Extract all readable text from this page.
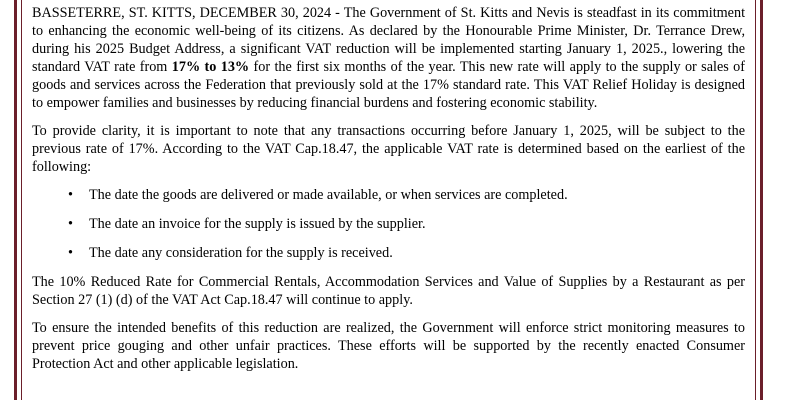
BASSETERRE, ST. KITTS, DECEMBER 30, 2024 - The Government of St. Kitts and Nevis is steadfast in its commitment to enhancing the economic well-being of its citizens. As declared by the Honourable Prime Minister, Dr. Terrance Drew, during his 2025 Budget Address, a significant VAT reduction will be implemented starting January 1, 2025., lowering the standard VAT rate from 17% to 13% for the first six months of the year. This new rate will apply to the supply or sales of goods and services across the Federation that previously sold at the 17% standard rate. This VAT Relief Holiday is designed to empower families and businesses by reducing financial burdens and fostering economic stability.

To provide clarity, it is important to note that any transactions occurring before January 1, 2025, will be subject to the previous rate of 17%. According to the VAT Cap.18.47, the applicable VAT rate is determined based on the earliest of the following:

• The date the goods are delivered or made available, or when services are completed.
• The date an invoice for the supply is issued by the supplier.
• The date any consideration for the supply is received.

The 10% Reduced Rate for Commercial Rentals, Accommodation Services and Value of Supplies by a Restaurant as per Section 27 (1) (d) of the VAT Act Cap.18.47 will continue to apply.

To ensure the intended benefits of this reduction are realized, the Government will enforce strict monitoring measures to prevent price gouging and other unfair practices. These efforts will be supported by the recently enacted Consumer Protection Act and other applicable legislation.
